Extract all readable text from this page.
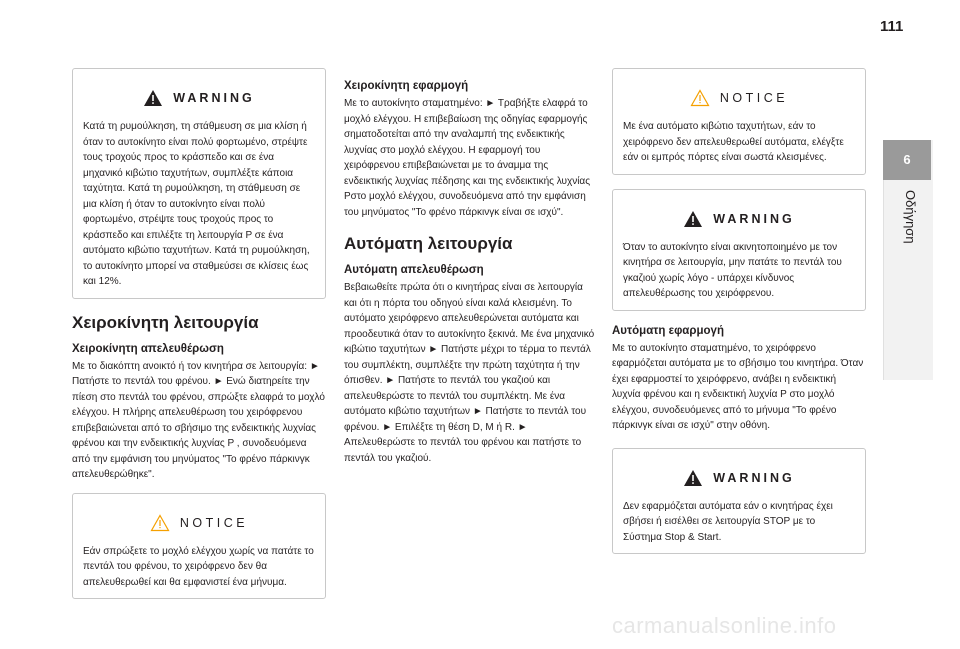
111
6
Οδήγηση
WARNING

Κατά τη ρυμούλκηση, τη στάθμευση σε μια κλίση ή όταν το αυτοκίνητο είναι πολύ φορτωμένο, στρέψτε τους τροχούς προς το κράσπεδο και σε ένα μηχανικό κιβώτιο ταχυτήτων, συμπλέξτε κάποια ταχύτητα. Κατά τη ρυμούλκηση, τη στάθμευση σε μια κλίση ή όταν το αυτοκίνητο είναι πολύ φορτωμένο, στρέψτε τους τροχούς προς το κράσπεδο και επιλέξτε τη λειτουργία P σε ένα αυτόματο κιβώτιο ταχυτήτων. Κατά τη ρυμούλκηση, το αυτοκίνητο μπορεί να σταθμεύσει σε κλίσεις έως και 12%.

Χειροκίνητη λειτουργία
Χειροκίνητη απελευθέρωση

Με το διακόπτη ανοικτό ή τον κινητήρα σε λειτουργία: ► Πατήστε το πεντάλ του φρένου. ► Ενώ διατηρείτε την πίεση στο πεντάλ του φρένου, σπρώξτε ελαφρά το μοχλό ελέγχου. Η πλήρης απελευθέρωση του χειρόφρενου επιβεβαιώνεται από το σβήσιμο της ενδεικτικής λυχνίας φρένου και την ενδεικτικής λυχνίας P , συνοδευόμενα από την εμφάνιση του μηνύματος "Το φρένο πάρκινγκ απελευθερώθηκε".

NOTICE

Εάν σπρώξετε το μοχλό ελέγχου χωρίς να πατάτε το πεντάλ του φρένου, το χειρόφρενο δεν θα απελευθερωθεί και θα εμφανιστεί ένα μήνυμα.

Χειροκίνητη εφαρμογή

Με το αυτοκίνητο σταματημένο: ► Τραβήξτε ελαφρά το μοχλό ελέγχου. Η επιβεβαίωση της οδηγίας εφαρμογής σηματοδοτείται από την αναλαμπή της ενδεικτικής λυχνίας στο μοχλό ελέγχου. Η εφαρμογή του χειρόφρενου επιβεβαιώνεται με το άναμμα της ενδεικτικής λυχνίας πέδησης και της ενδεικτικής λυχνίας Pστο μοχλό ελέγχου, συνοδευόμενα από την εμφάνιση του μηνύματος "Το φρένο πάρκινγκ είναι σε ισχύ".

Αυτόματη λειτουργία
Αυτόματη απελευθέρωση

Βεβαιωθείτε πρώτα ότι ο κινητήρας είναι σε λειτουργία και ότι η πόρτα του οδηγού είναι καλά κλεισμένη. Το αυτόματο χειρόφρενο απελευθερώνεται αυτόματα και προοδευτικά όταν το αυτοκίνητο ξεκινά. Με ένα μηχανικό κιβώτιο ταχυτήτων ► Πατήστε μέχρι το τέρμα το πεντάλ του συμπλέκτη, συμπλέξτε την πρώτη ταχύτητα ή την όπισθεν. ► Πατήστε το πεντάλ του γκαζιού και απελευθερώστε το πεντάλ του συμπλέκτη. Με ένα αυτόματο κιβώτιο ταχυτήτων ► Πατήστε το πεντάλ του φρένου. ► Επιλέξτε τη θέση D, M ή R. ► Απελευθερώστε το πεντάλ του φρένου και πατήστε το πεντάλ του γκαζιού.

NOTICE

Με ένα αυτόματο κιβώτιο ταχυτήτων, εάν το χειρόφρενο δεν απελευθερωθεί αυτόματα, ελέγξτε εάν οι εμπρός πόρτες είναι σωστά κλεισμένες.

WARNING

Όταν το αυτοκίνητο είναι ακινητοποιημένο με τον κινητήρα σε λειτουργία, μην πατάτε το πεντάλ του γκαζιού χωρίς λόγο - υπάρχει κίνδυνος απελευθέρωσης του χειρόφρενου.

Αυτόματη εφαρμογή

Με το αυτοκίνητο σταματημένο, το χειρόφρενο εφαρμόζεται αυτόματα με το σβήσιμο του κινητήρα. Όταν έχει εφαρμοστεί το χειρόφρενο, ανάβει η ενδεικτική λυχνία φρένου και η ενδεικτική λυχνία P στο μοχλό ελέγχου, συνοδευόμενες από το μήνυμα "Το φρένο πάρκινγκ είναι σε ισχύ" στην οθόνη.

WARNING

Δεν εφαρμόζεται αυτόματα εάν ο κινητήρας έχει σβήσει ή εισέλθει σε λειτουργία STOP με το Σύστημα Stop & Start.

carmanualsonline.info
